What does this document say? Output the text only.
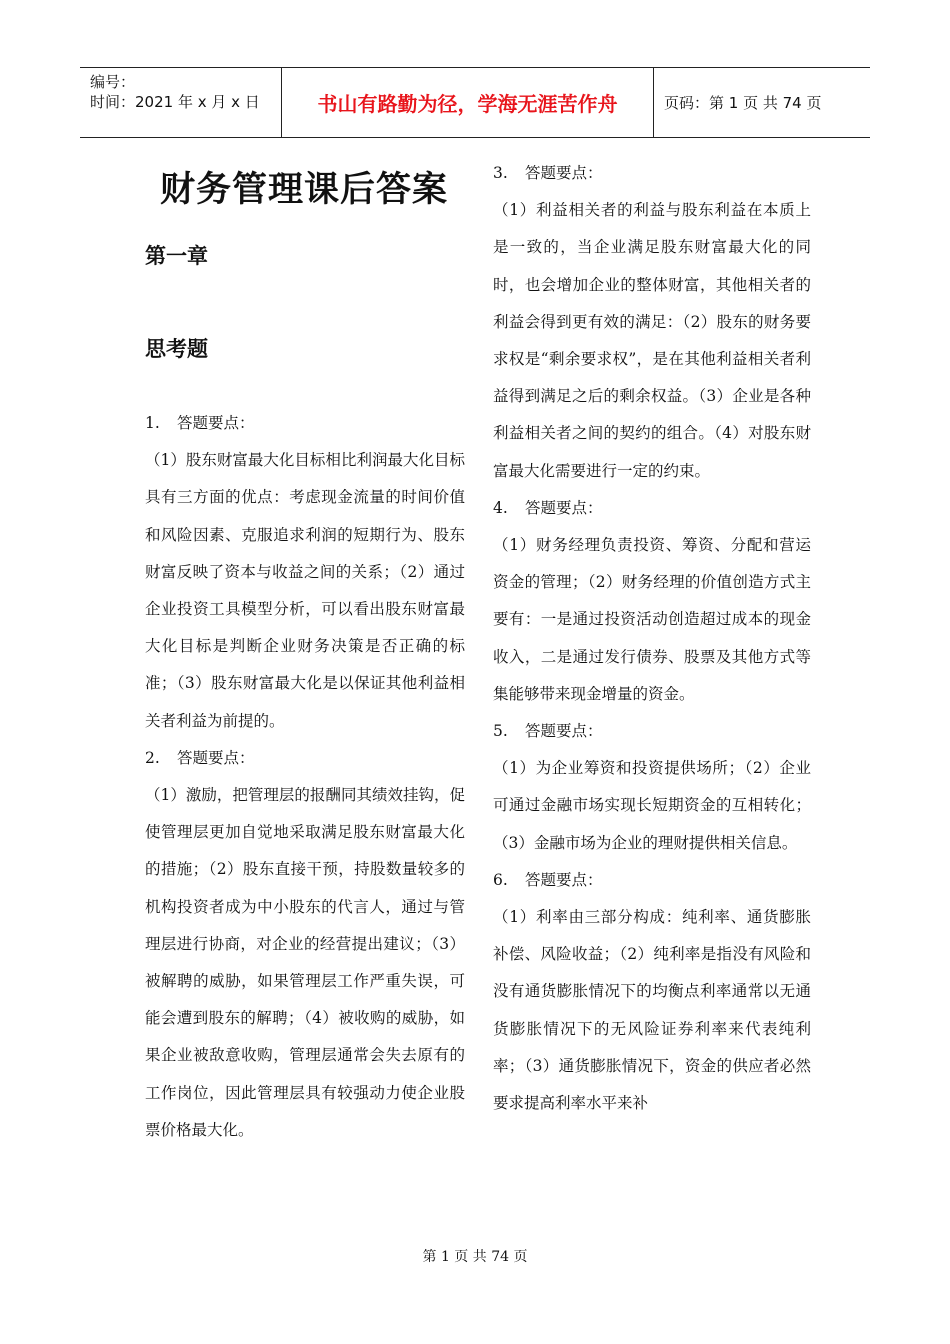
编号：
时间：2021 年 x 月 x 日	书山有路勤为径，学海无涯苦作舟	页码：第 1 页 共 74 页
财务管理课后答案
第一章
思考题

1. 答题要点：

（1）股东财富最大化目标相比利润最大化目标具有三方面的优点：考虑现金流量的时间价值和风险因素、克服追求利润的短期行为、股东财富反映了资本与收益之间的关系；（2）通过企业投资工具模型分析，可以看出股东财富最大化目标是判断企业财务决策是否正确的标准；（3）股东财富最大化是以保证其他利益相关者利益为前提的。

2. 答题要点：

（1）激励，把管理层的报酬同其绩效挂钩，促使管理层更加自觉地采取满足股东财富最大化的措施；（2）股东直接干预，持股数量较多的机构投资者成为中小股东的代言人，通过与管理层进行协商，对企业的经营提出建议；（3）被解聘的威胁，如果管理层工作严重失误，可能会遭到股东的解聘；（4）被收购的威胁，如果企业被敌意收购，管理层通常会失去原有的工作岗位，因此管理层具有较强动力使企业股票价格最大化。

3. 答题要点：

（1）利益相关者的利益与股东利益在本质上是一致的，当企业满足股东财富最大化的同时，也会增加企业的整体财富，其他相关者的利益会得到更有效的满足：（2）股东的财务要求权是“剩余要求权”，是在其他利益相关者利益得到满足之后的剩余权益。（3）企业是各种利益相关者之间的契约的组合。（4）对股东财富最大化需要进行一定的约束。

4. 答题要点：

（1）财务经理负责投资、筹资、分配和营运资金的管理；（2）财务经理的价值创造方式主要有：一是通过投资活动创造超过成本的现金收入，二是通过发行债券、股票及其他方式等集能够带来现金增量的资金。

5. 答题要点：

（1）为企业筹资和投资提供场所；（2）企业可通过金融市场实现长短期资金的互相转化；（3）金融市场为企业的理财提供相关信息。

6. 答题要点：

（1）利率由三部分构成：纯利率、通货膨胀补偿、风险收益；（2）纯利率是指没有风险和没有通货膨胀情况下的均衡点利率通常以无通货膨胀情况下的无风险证券利率来代表纯利率；（3）通货膨胀情况下，资金的供应者必然要求提高利率水平来补

第 1 页 共 74 页
